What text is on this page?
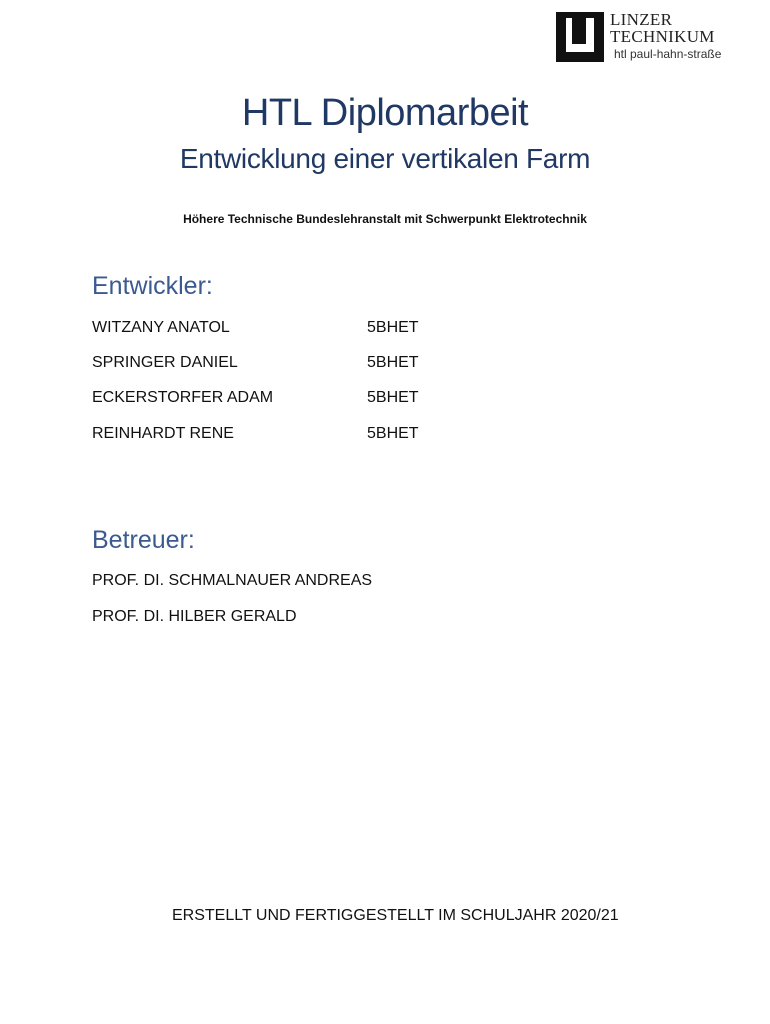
LINZER
TECHNIKUM
htl paul-hahn-straße
HTL Diplomarbeit
Entwicklung einer vertikalen Farm
Höhere Technische Bundeslehranstalt mit Schwerpunkt Elektrotechnik
Entwickler:
WITZANY ANATOL	5BHET
SPRINGER DANIEL	5BHET
ECKERSTORFER ADAM	5BHET
REINHARDT RENE	5BHET
Betreuer:
PROF. DI. SCHMALNAUER ANDREAS
PROF. DI. HILBER GERALD
ERSTELLT UND FERTIGGESTELLT IM SCHULJAHR 2020/21
